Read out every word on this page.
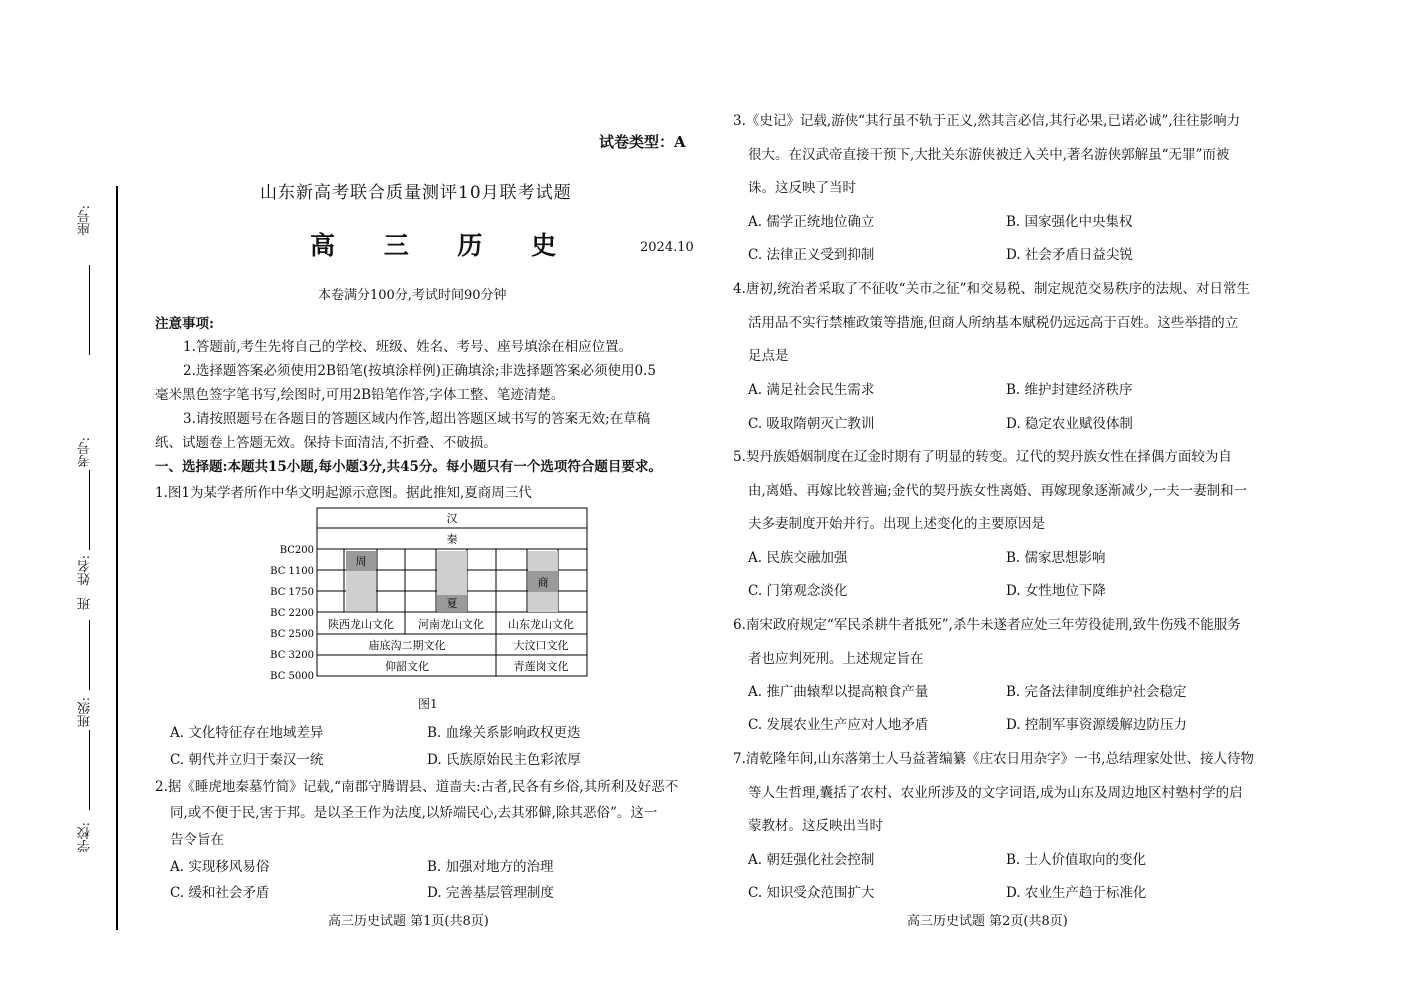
座号:
考号:
姓名:
班
班级:
学校:
试卷类型：A
山东新高考联合质量测评10月联考试题
高 三 历 史	2024.10
本卷满分100分,考试时间90分钟
注意事项:
1.答题前,考生先将自己的学校、班级、姓名、考号、座号填涂在相应位置。
2.选择题答案必须使用2B铅笔(按填涂样例)正确填涂;非选择题答案必须使用0.5
毫米黑色签字笔书写,绘图时,可用2B铅笔作答,字体工整、笔迹清楚。
3.请按照题号在各题目的答题区域内作答,超出答题区域书写的答案无效;在草稿
纸、试题卷上答题无效。保持卡面清洁,不折叠、不破损。
一、选择题:本题共15小题,每小题3分,共45分。每小题只有一个选项符合题目要求。
1.图1为某学者所作中华文明起源示意图。据此推知,夏商周三代
汉
秦
周
夏
商
陕西龙山文化 河南龙山文化 山东龙山文化
庙底沟二期文化	大汶口文化
仰韶文化	青莲岗文化
BC200
BC 1100
BC 1750
BC 2200
BC 2500
BC 3200
BC 5000
图1
A. 文化特征存在地域差异	B. 血缘关系影响政权更迭
C. 朝代并立归于秦汉一统	D. 氏族原始民主色彩浓厚
2.据《睡虎地秦墓竹简》记载,“南郡守腾谓县、道啬夫:古者,民各有乡俗,其所利及好恶不
同,或不便于民,害于邦。是以圣王作为法度,以矫端民心,去其邪僻,除其恶俗”。这一
告令旨在
A. 实现移风易俗	B. 加强对地方的治理
C. 缓和社会矛盾	D. 完善基层管理制度
3.《史记》记载,游侠“其行虽不轨于正义,然其言必信,其行必果,已诺必诚”,往往影响力
很大。在汉武帝直接干预下,大批关东游侠被迁入关中,著名游侠郭解虽“无罪”而被
诛。这反映了当时
A. 儒学正统地位确立	B. 国家强化中央集权
C. 法律正义受到抑制	D. 社会矛盾日益尖锐
4.唐初,统治者采取了不征收“关市之征”和交易税、制定规范交易秩序的法规、对日常生
活用品不实行禁榷政策等措施,但商人所纳基本赋税仍远远高于百姓。这些举措的立
足点是
A. 满足社会民生需求	B. 维护封建经济秩序
C. 吸取隋朝灭亡教训	D. 稳定农业赋役体制
5.契丹族婚姻制度在辽金时期有了明显的转变。辽代的契丹族女性在择偶方面较为自
由,离婚、再嫁比较普遍;金代的契丹族女性离婚、再嫁现象逐渐减少,一夫一妻制和一
夫多妻制度开始并行。出现上述变化的主要原因是
A. 民族交融加强	B. 儒家思想影响
C. 门第观念淡化	D. 女性地位下降
6.南宋政府规定“军民杀耕牛者抵死”,杀牛未遂者应处三年劳役徒刑,致牛伤残不能服务
者也应判死刑。上述规定旨在
A. 推广曲辕犁以提高粮食产量	B. 完备法律制度维护社会稳定
C. 发展农业生产应对人地矛盾	D. 控制军事资源缓解边防压力
7.清乾隆年间,山东落第士人马益著编纂《庄农日用杂字》一书,总结理家处世、接人待物
等人生哲理,囊括了农村、农业所涉及的文字词语,成为山东及周边地区村塾村学的启
蒙教材。这反映出当时
A. 朝廷强化社会控制	B. 士人价值取向的变化
C. 知识受众范围扩大	D. 农业生产趋于标准化
高三历史试题 第1页(共8页)	高三历史试题 第2页(共8页)
